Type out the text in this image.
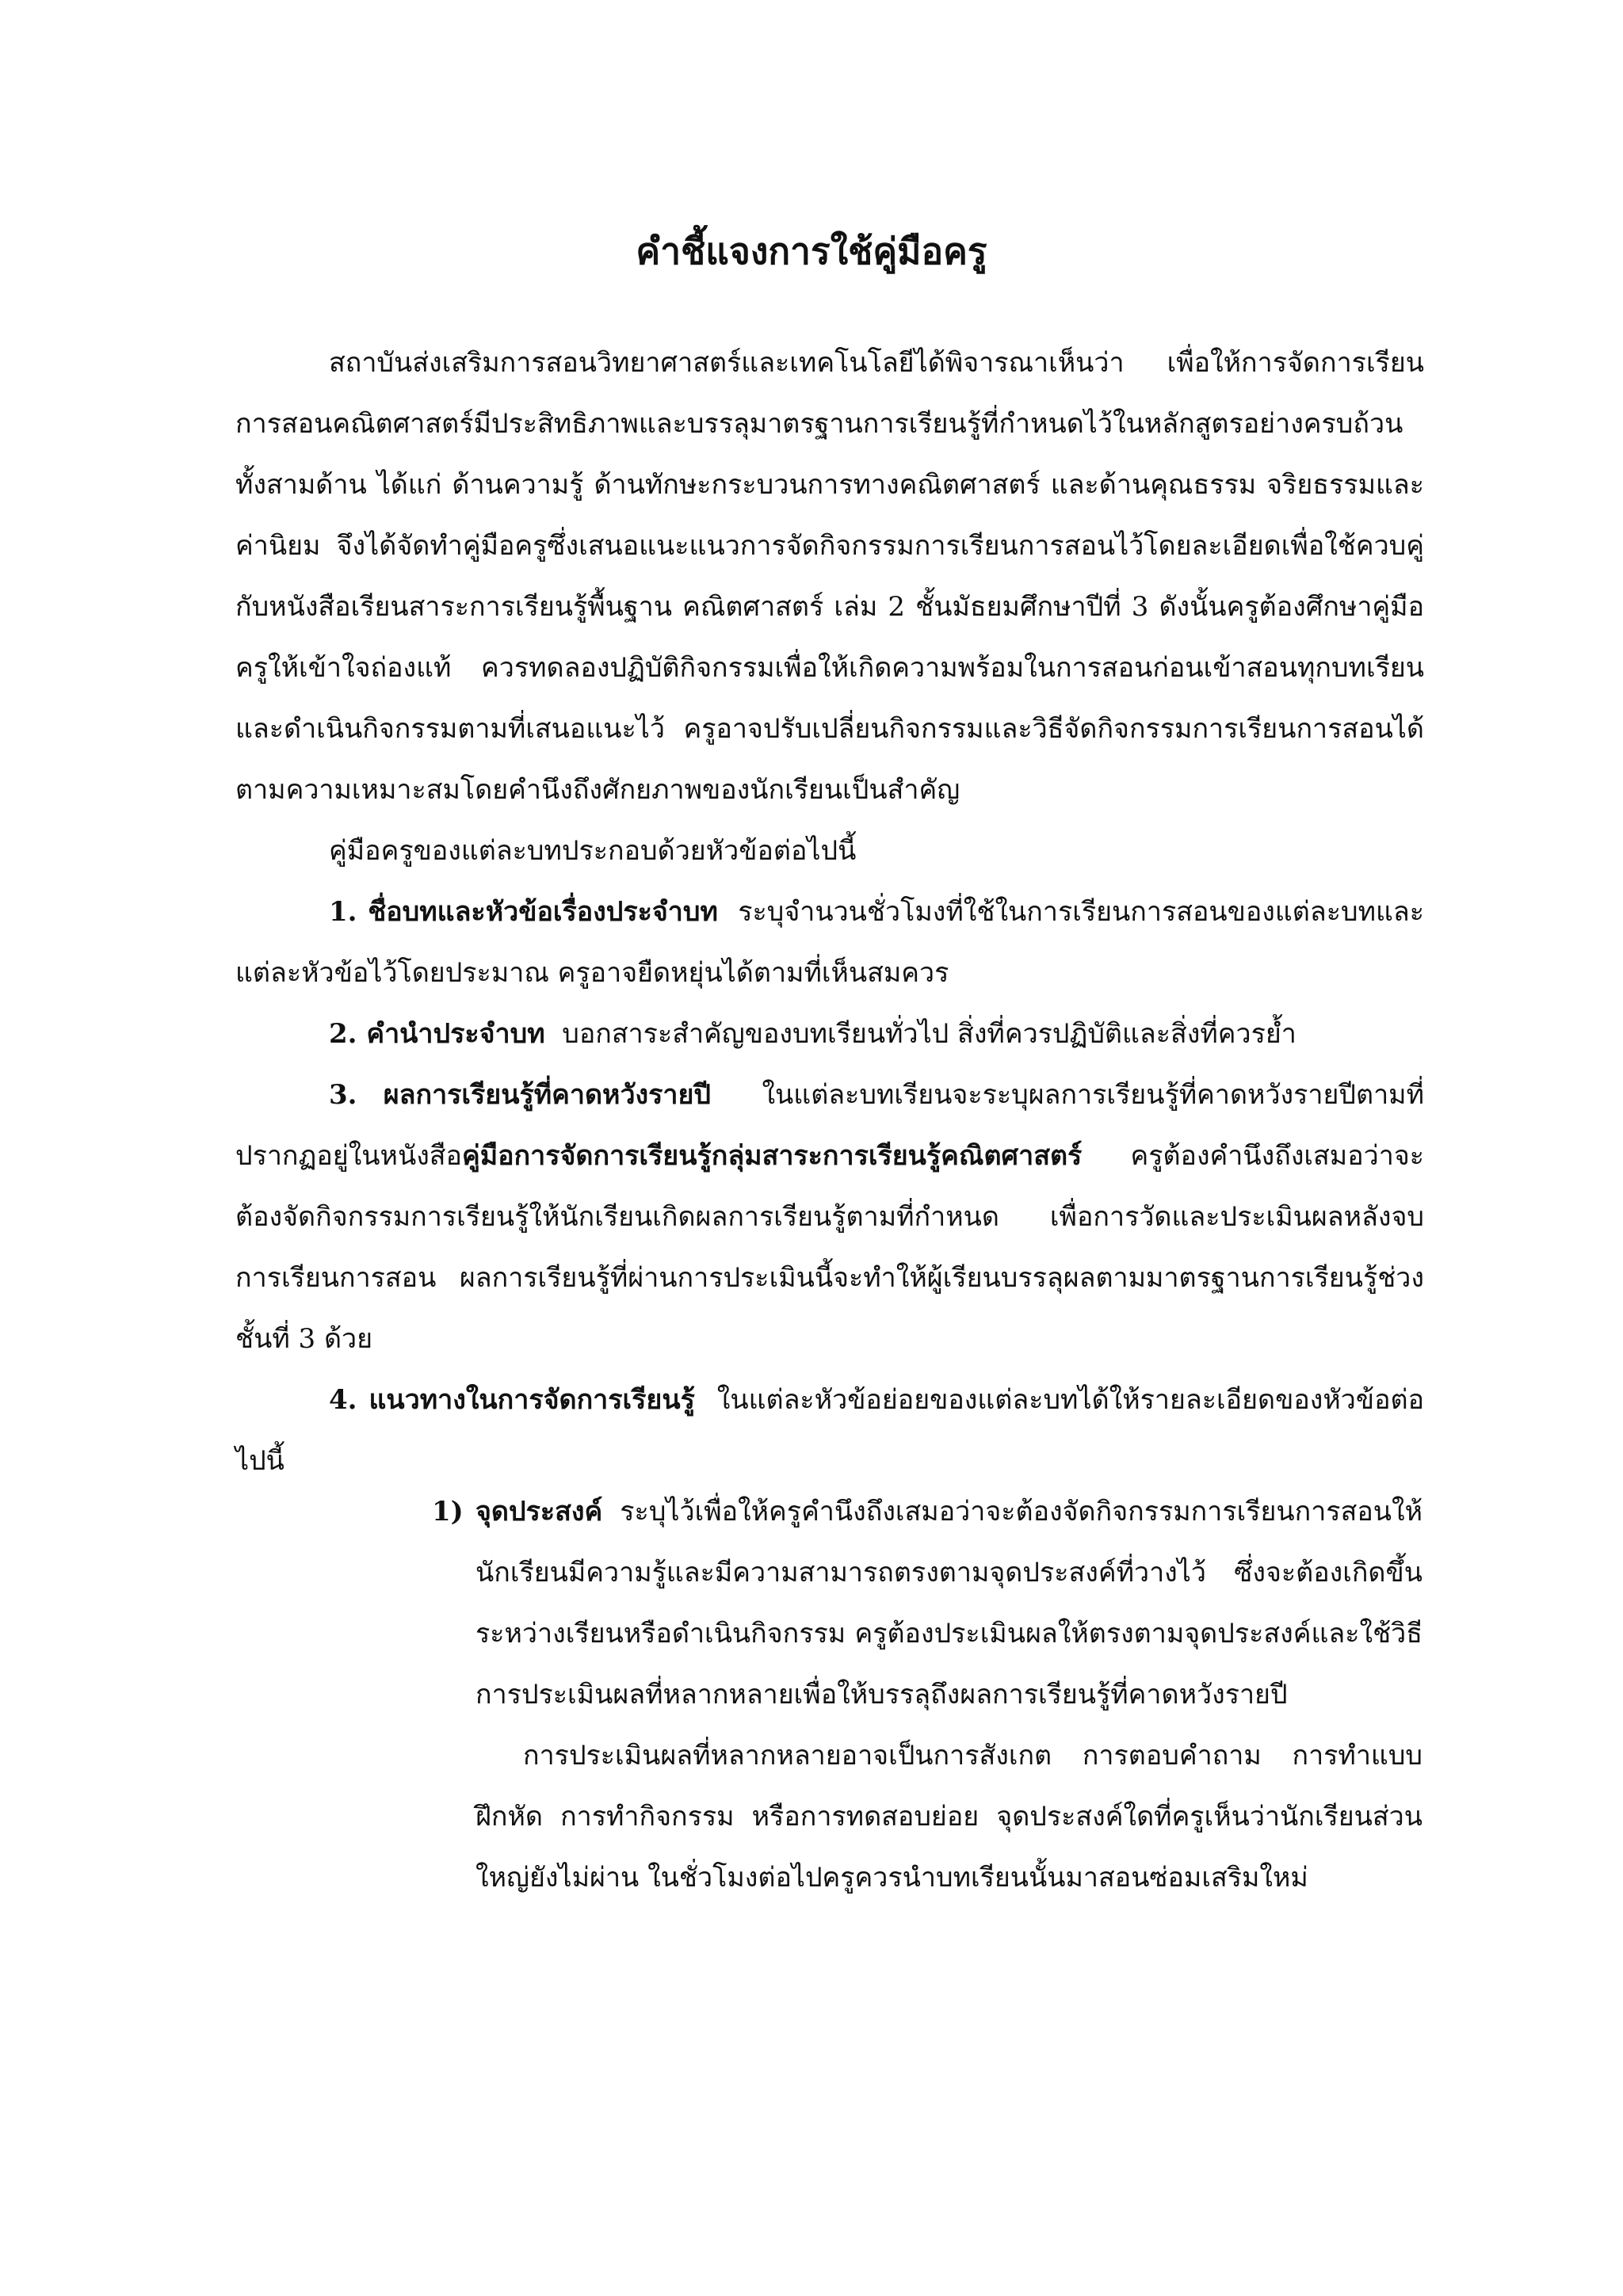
คำชี้แจงการใช้คู่มือครู

สถาบันส่งเสริมการสอนวิทยาศาสตร์และเทคโนโลยีได้พิจารณาเห็นว่า เพื่อให้การจัดการเรียนการสอนคณิตศาสตร์มีประสิทธิภาพและบรรลุมาตรฐานการเรียนรู้ที่กำหนดไว้ในหลักสูตรอย่างครบถ้วนทั้งสามด้าน ได้แก่ ด้านความรู้ ด้านทักษะกระบวนการทางคณิตศาสตร์ และด้านคุณธรรม จริยธรรมและค่านิยม จึงได้จัดทำคู่มือครูซึ่งเสนอแนะแนวการจัดกิจกรรมการเรียนการสอนไว้โดยละเอียดเพื่อใช้ควบคู่กับหนังสือเรียนสาระการเรียนรู้พื้นฐาน คณิตศาสตร์ เล่ม 2 ชั้นมัธยมศึกษาปีที่ 3 ดังนั้นครูต้องศึกษาคู่มือครูให้เข้าใจถ่องแท้ ควรทดลองปฏิบัติกิจกรรมเพื่อให้เกิดความพร้อมในการสอนก่อนเข้าสอนทุกบทเรียน และดำเนินกิจกรรมตามที่เสนอแนะไว้ ครูอาจปรับเปลี่ยนกิจกรรมและวิธีจัดกิจกรรมการเรียนการสอนได้ตามความเหมาะสมโดยคำนึงถึงศักยภาพของนักเรียนเป็นสำคัญ

คู่มือครูของแต่ละบทประกอบด้วยหัวข้อต่อไปนี้

1. ชื่อบทและหัวข้อเรื่องประจำบท ระบุจำนวนชั่วโมงที่ใช้ในการเรียนการสอนของแต่ละบทและแต่ละหัวข้อไว้โดยประมาณ ครูอาจยืดหยุ่นได้ตามที่เห็นสมควร

2. คำนำประจำบท บอกสาระสำคัญของบทเรียนทั่วไป สิ่งที่ควรปฏิบัติและสิ่งที่ควรย้ำ

3. ผลการเรียนรู้ที่คาดหวังรายปี ในแต่ละบทเรียนจะระบุผลการเรียนรู้ที่คาดหวังรายปีตามที่ปรากฏอยู่ในหนังสือคู่มือการจัดการเรียนรู้กลุ่มสาระการเรียนรู้คณิตศาสตร์ ครูต้องคำนึงถึงเสมอว่าจะต้องจัดกิจกรรมการเรียนรู้ให้นักเรียนเกิดผลการเรียนรู้ตามที่กำหนด เพื่อการวัดและประเมินผลหลังจบการเรียนการสอน ผลการเรียนรู้ที่ผ่านการประเมินนี้จะทำให้ผู้เรียนบรรลุผลตามมาตรฐานการเรียนรู้ช่วงชั้นที่ 3 ด้วย

4. แนวทางในการจัดการเรียนรู้ ในแต่ละหัวข้อย่อยของแต่ละบทได้ให้รายละเอียดของหัวข้อต่อไปนี้

1) จุดประสงค์ ระบุไว้เพื่อให้ครูคำนึงถึงเสมอว่าจะต้องจัดกิจกรรมการเรียนการสอนให้นักเรียนมีความรู้และมีความสามารถตรงตามจุดประสงค์ที่วางไว้ ซึ่งจะต้องเกิดขึ้นระหว่างเรียนหรือดำเนินกิจกรรม ครูต้องประเมินผลให้ตรงตามจุดประสงค์และใช้วิธีการประเมินผลที่หลากหลายเพื่อให้บรรลุถึงผลการเรียนรู้ที่คาดหวังรายปี

การประเมินผลที่หลากหลายอาจเป็นการสังเกต การตอบคำถาม การทำแบบฝึกหัด การทำกิจกรรม หรือการทดสอบย่อย จุดประสงค์ใดที่ครูเห็นว่านักเรียนส่วนใหญ่ยังไม่ผ่าน ในชั่วโมงต่อไปครูควรนำบทเรียนนั้นมาสอนซ่อมเสริมใหม่
